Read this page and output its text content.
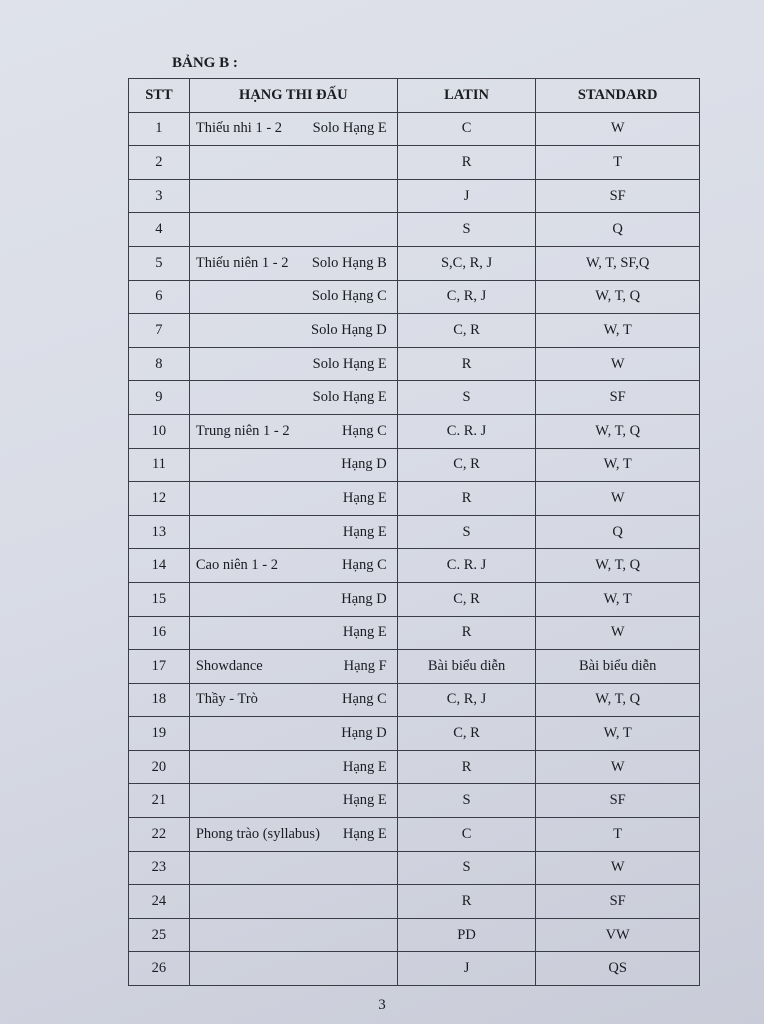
BẢNG B :
STT	HẠNG THI ĐẤU	LATIN	STANDARD
1	Thiếu nhi 1 - 2 Solo Hạng E	C	W
2		R	T
3		J	SF
4		S	Q
5	Thiếu niên 1 - 2 Solo Hạng B	S,C, R, J	W, T, SF,Q
6	Solo Hạng C	C, R, J	W, T, Q
7	Solo Hạng D	C, R	W, T
8	Solo Hạng E	R	W
9	Solo Hạng E	S	SF
10	Trung niên 1 - 2 Hạng C	C. R. J	W, T, Q
11	Hạng D	C, R	W, T
12	Hạng E	R	W
13	Hạng E	S	Q
14	Cao niên 1 - 2 Hạng C	C. R. J	W, T, Q
15	Hạng D	C, R	W, T
16	Hạng E	R	W
17	Showdance Hạng F	Bài biểu diễn	Bài biểu diễn
18	Thầy - Trò Hạng C	C, R, J	W, T, Q
19	Hạng D	C, R	W, T
20	Hạng E	R	W
21	Hạng E	S	SF
22	Phong trào (syllabus) Hạng E	C	T
23		S	W
24		R	SF
25		PD	VW
26		J	QS
3
